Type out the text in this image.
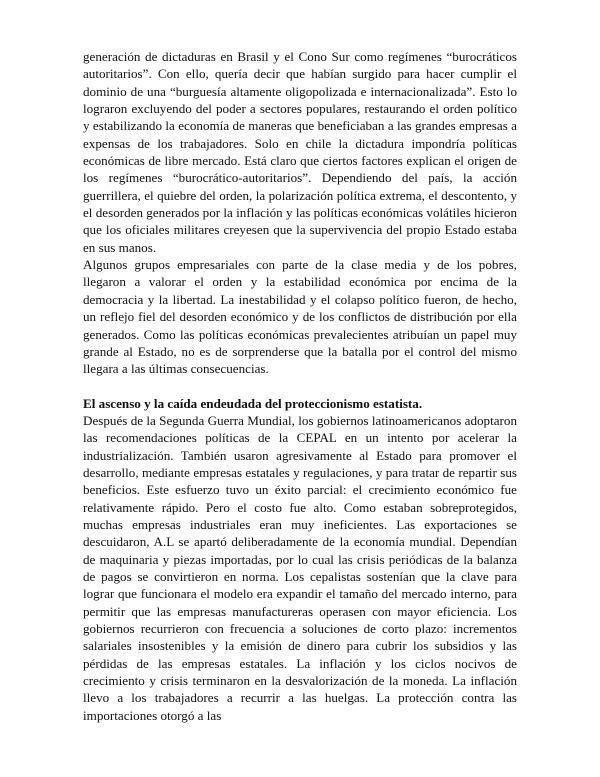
generación de dictaduras en Brasil y el Cono Sur como regímenes “burocráticos autoritarios”. Con ello, quería decir que habían surgido para hacer cumplir el dominio de una “burguesía altamente oligopolizada e internacionalizada”. Esto lo lograron excluyendo del poder a sectores populares, restaurando el orden político y estabilizando la economía de maneras que beneficiaban a las grandes empresas a expensas de los trabajadores. Solo en chile la dictadura impondría políticas económicas de libre mercado. Está claro que ciertos factores explican el origen de los regímenes “burocrático-autoritarios”. Dependiendo del país, la acción guerrillera, el quiebre del orden, la polarización política extrema, el descontento, y el desorden generados por la inflación y las políticas económicas volátiles hicieron que los oficiales militares creyesen que la supervivencia del propio Estado estaba en sus manos.

Algunos grupos empresariales con parte de la clase media y de los pobres, llegaron a valorar el orden y la estabilidad económica por encima de la democracia y la libertad. La inestabilidad y el colapso político fueron, de hecho, un reflejo fiel del desorden económico y de los conflictos de distribución por ella generados. Como las políticas económicas prevalecientes atribuían un papel muy grande al Estado, no es de sorprenderse que la batalla por el control del mismo llegara a las últimas consecuencias.

El ascenso y la caída endeudada del proteccionismo estatista.

Después de la Segunda Guerra Mundial, los gobiernos latinoamericanos adoptaron las recomendaciones políticas de la CEPAL en un intento por acelerar la industrialización. También usaron agresivamente al Estado para promover el desarrollo, mediante empresas estatales y regulaciones, y para tratar de repartir sus beneficios. Este esfuerzo tuvo un éxito parcial: el crecimiento económico fue relativamente rápido. Pero el costo fue alto. Como estaban sobreprotegidos, muchas empresas industriales eran muy ineficientes. Las exportaciones se descuidaron, A.L se apartó deliberadamente de la economía mundial. Dependían de maquinaria y piezas importadas, por lo cual las crisis periódicas de la balanza de pagos se convirtieron en norma. Los cepalistas sostenían que la clave para lograr que funcionara el modelo era expandir el tamaño del mercado interno, para permitir que las empresas manufactureras operasen con mayor eficiencia. Los gobiernos recurrieron con frecuencia a soluciones de corto plazo: incrementos salariales insostenibles y la emisión de dinero para cubrir los subsidios y las pérdidas de las empresas estatales. La inflación y los ciclos nocivos de crecimiento y crisis terminaron en la desvalorización de la moneda. La inflación llevo a los trabajadores a recurrir a las huelgas. La protección contra las importaciones otorgó a las
